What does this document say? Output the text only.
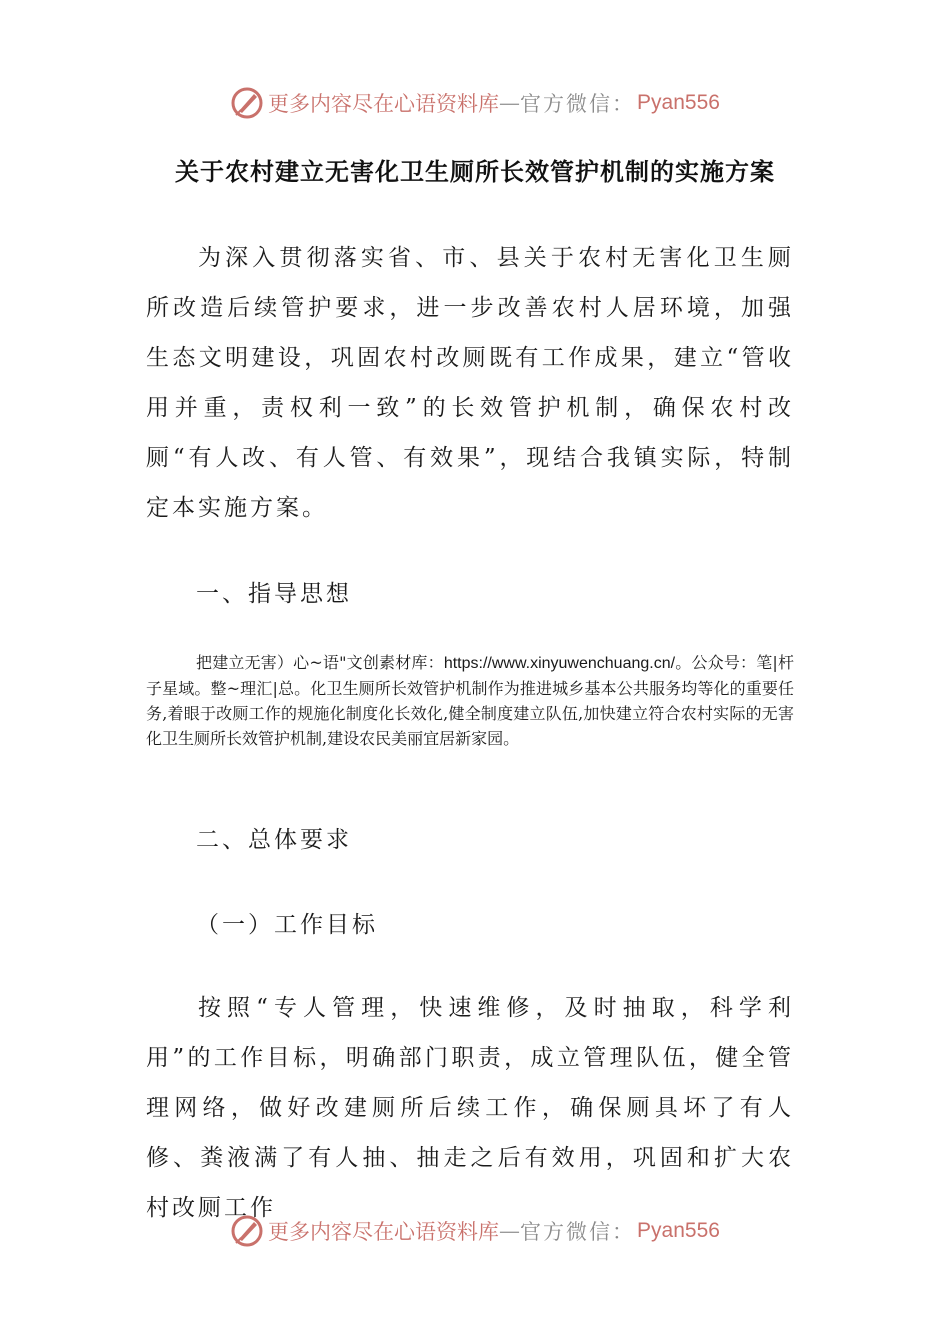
更多内容尽在心语资料库 — 官方微信： Pyan556
关于农村建立无害化卫生厕所长效管护机制的实施方案
为深入贯彻落实省、市、县关于农村无害化卫生厕所改造后续管护要求，进一步改善农村人居环境，加强生态文明建设，巩固农村改厕既有工作成果，建立“管收用并重，责权利一致”的长效管护机制，确保农村改厕“有人改、有人管、有效果”，现结合我镇实际，特制定本实施方案。
一、指导思想
把建立无害）心~语"文创素材库：https://www.xinyuwenchuang.cn/。公众号：笔|杆子星域。整~理汇|总。化卫生厕所长效管护机制作为推进城乡基本公共服务均等化的重要任务,着眼于改厕工作的规施化制度化长效化,健全制度建立队伍,加快建立符合农村实际的无害化卫生厕所长效管护机制,建设农民美丽宜居新家园。
二、总体要求
（一）工作目标
按照“专人管理，快速维修，及时抽取，科学利用”的工作目标，明确部门职责，成立管理队伍，健全管理网络，做好改建厕所后续工作，确保厕具坏了有人修、粪液满了有人抽、抽走之后有效用，巩固和扩大农村改厕工作
更多内容尽在心语资料库 — 官方微信： Pyan556
